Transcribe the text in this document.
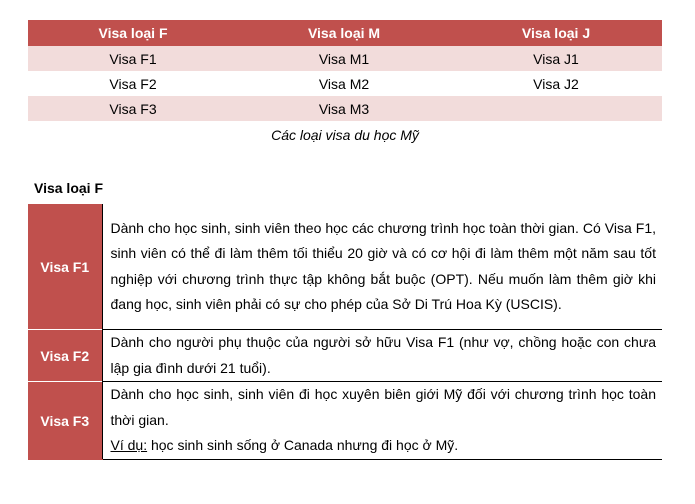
Visa loại F	Visa loại M	Visa loại J
Visa F1	Visa M1	Visa J1
Visa F2	Visa M2	Visa J2
Visa F3	Visa M3	
Các loại visa du học Mỹ
Visa loại F
Visa F1	Dành cho học sinh, sinh viên theo học các chương trình học toàn thời gian. Có Visa F1, sinh viên có thể đi làm thêm tối thiểu 20 giờ và có cơ hội đi làm thêm một năm sau tốt nghiệp với chương trình thực tập không bắt buộc (OPT). Nếu muốn làm thêm giờ khi đang học, sinh viên phải có sự cho phép của Sở Di Trú Hoa Kỳ (USCIS).
Visa F2	Dành cho người phụ thuộc của người sở hữu Visa F1 (như vợ, chồng hoặc con chưa lập gia đình dưới 21 tuổi).
Visa F3	Dành cho học sinh, sinh viên đi học xuyên biên giới Mỹ đối với chương trình học toàn thời gian.
Ví dụ: học sinh sinh sống ở Canada nhưng đi học ở Mỹ.
